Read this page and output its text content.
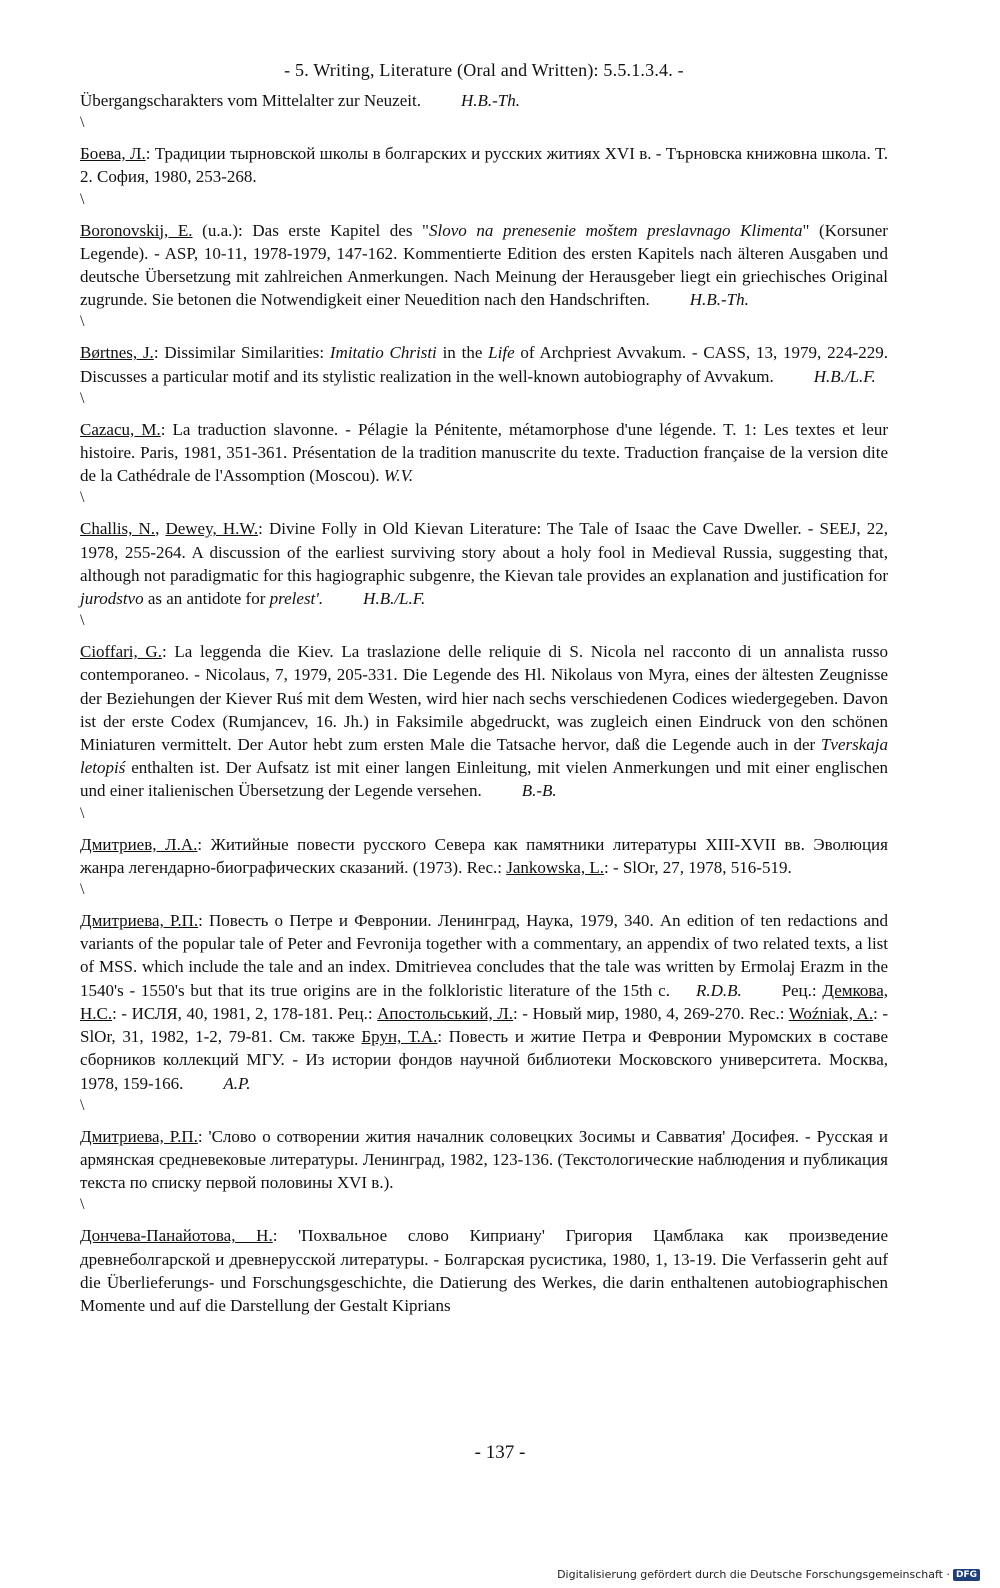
- 5. Writing, Literature (Oral and Written): 5.5.1.3.4. -

Übergangscharakters vom Mittelalter zur Neuzeit. H.B.-Th.

\

Боева, Л.: Традиции тырновской школы в болгарских и русских житиях XVI в. - Търновска книжовна школа. Т. 2. София, 1980, 253-268.

\

Boronovskij, E. (u.a.): Das erste Kapitel des "Slovo na prenesenie moštem preslavnago Klimenta" (Korsuner Legende). - ASP, 10-11, 1978-1979, 147-162. Kommentierte Edition des ersten Kapitels nach älteren Ausgaben und deutsche Übersetzung mit zahlreichen Anmerkungen. Nach Meinung der Herausgeber liegt ein griechisches Original zugrunde. Sie betonen die Notwendigkeit einer Neuedition nach den Handschriften. H.B.-Th.

\

Børtnes, J.: Dissimilar Similarities: Imitatio Christi in the Life of Archpriest Avvakum. - CASS, 13, 1979, 224-229. Discusses a particular motif and its stylistic realization in the well-known autobiography of Avvakum. H.B./L.F.

\

Cazacu, M.: La traduction slavonne. - Pélagie la Pénitente, métamorphose d'une légende. T. 1: Les textes et leur histoire. Paris, 1981, 351-361. Présentation de la tradition manuscrite du texte. Traduction française de la version dite de la Cathédrale de l'Assomption (Moscou). W.V.

\

Challis, N., Dewey, H.W.: Divine Folly in Old Kievan Literature: The Tale of Isaac the Cave Dweller. - SEEJ, 22, 1978, 255-264. A discussion of the earliest surviving story about a holy fool in Medieval Russia, suggesting that, although not paradigmatic for this hagiographic subgenre, the Kievan tale provides an explanation and justification for jurodstvo as an antidote for prelest'. H.B./L.F.

\

Cioffari, G.: La leggenda die Kiev. La traslazione delle reliquie di S. Nicola nel racconto di un annalista russo contemporaneo. - Nicolaus, 7, 1979, 205-331. Die Legende des Hl. Nikolaus von Myra, eines der ältesten Zeugnisse der Beziehungen der Kiever Ruś mit dem Westen, wird hier nach sechs verschiedenen Codices wiedergegeben. Davon ist der erste Codex (Rumjancev, 16. Jh.) in Faksimile abgedruckt, was zugleich einen Eindruck von den schönen Miniaturen vermittelt. Der Autor hebt zum ersten Male die Tatsache hervor, daß die Legende auch in der Tverskaja letopiś enthalten ist. Der Aufsatz ist mit einer langen Einleitung, mit vielen Anmerkungen und mit einer englischen und einer italienischen Übersetzung der Legende versehen. B.-B.

\

Дмитриев, Л.А.: Житийные повести русского Севера как памятники литературы XIII-XVII вв. Эволюция жанра легендарно-биографических сказаний. (1973). Rec.: Jankowska, L.: - SlOr, 27, 1978, 516-519.

\

Дмитриева, Р.П.: Повесть о Петре и Февронии. Ленинград, Наука, 1979, 340. An edition of ten redactions and variants of the popular tale of Peter and Fevronija together with a commentary, an appendix of two related texts, a list of MSS. which include the tale and an index. Dmitrievea concludes that the tale was written by Ermolaj Erazm in the 1540's - 1550's but that its true origins are in the folkloristic literature of the 15th c. R.D.B. Рец.: Демкова, Н.С.: - ИСЛЯ, 40, 1981, 2, 178-181. Рец.: Апостольський, Л.: - Новый мир, 1980, 4, 269-270. Rec.: Woźniak, A.: - SlOr, 31, 1982, 1-2, 79-81. См. также Брун, Т.А.: Повесть и житие Петра и Февронии Муромских в составе сборников коллекций МГУ. - Из истории фондов научной библиотеки Московского университета. Москва, 1978, 159-166. A.P.

\

Дмитриева, Р.П.: 'Слово о сотворении жития началник соловецких Зосимы и Савватия' Досифея. - Русская и армянская средневековые литературы. Ленинград, 1982, 123-136. (Текстологические наблюдения и публикация текста по списку первой половины XVI в.).

\

Дончева-Панайотова, Н.: 'Похвальное слово Киприану' Григория Цамблака как произведение древнеболгарской и древнерусской литературы. - Болгарская русистика, 1980, 1, 13-19. Die Verfasserin geht auf die Überlieferungs- und Forschungsgeschichte, die Datierung des Werkes, die darin enthaltenen autobiographischen Momente und auf die Darstellung der Gestalt Kiprians

- 137 -
Digitalisierung gefördert durch die Deutsche Forschungsgemeinschaft · DFG
